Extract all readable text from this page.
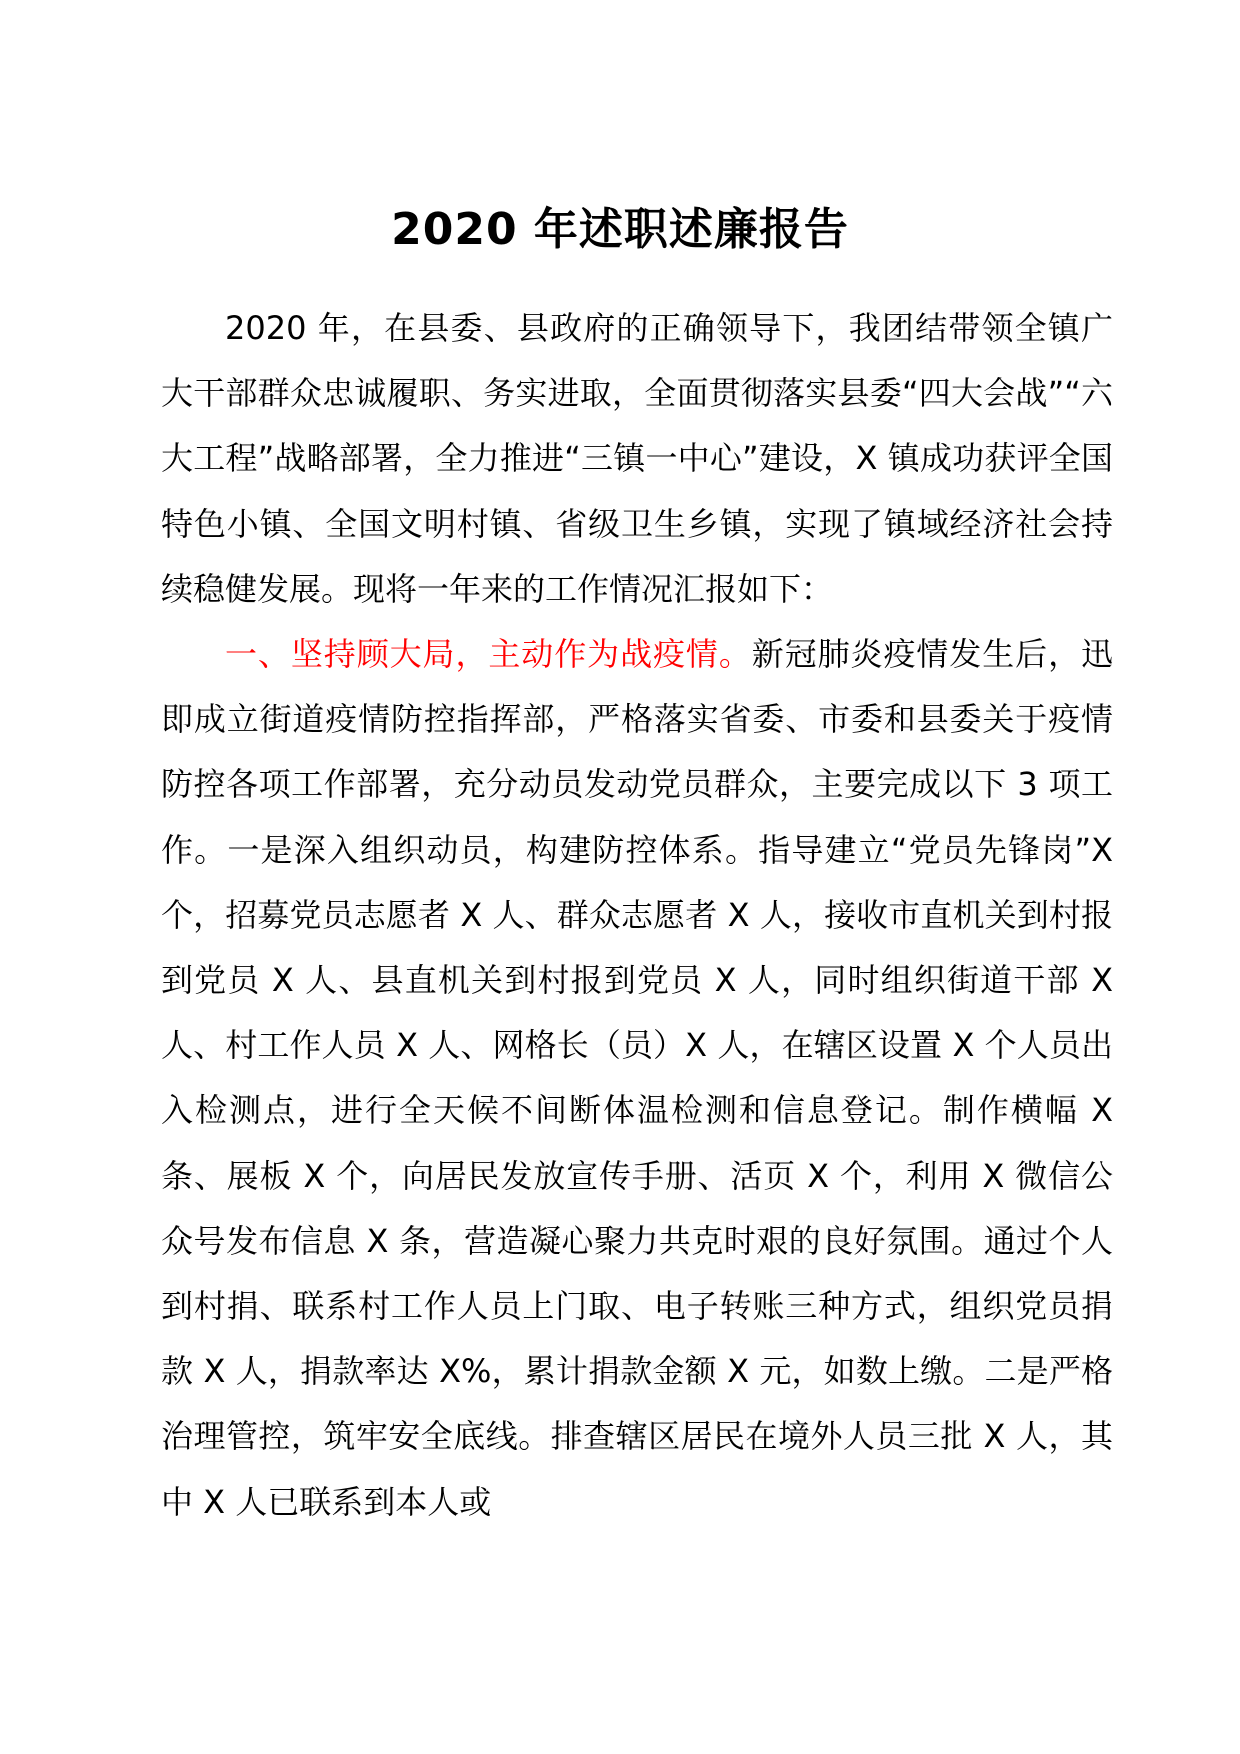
2020 年述职述廉报告

2020 年，在县委、县政府的正确领导下，我团结带领全镇广大干部群众忠诚履职、务实进取，全面贯彻落实县委“四大会战”“六大工程”战略部署，全力推进“三镇一中心”建设，X 镇成功获评全国特色小镇、全国文明村镇、省级卫生乡镇，实现了镇域经济社会持续稳健发展。现将一年来的工作情况汇报如下：

一、坚持顾大局，主动作为战疫情。新冠肺炎疫情发生后，迅即成立街道疫情防控指挥部，严格落实省委、市委和县委关于疫情防控各项工作部署，充分动员发动党员群众，主要完成以下 3 项工作。一是深入组织动员，构建防控体系。指导建立“党员先锋岗”X 个，招募党员志愿者 X 人、群众志愿者 X 人，接收市直机关到村报到党员 X 人、县直机关到村报到党员 X 人，同时组织街道干部 X 人、村工作人员 X 人、网格长（员）X 人，在辖区设置 X 个人员出入检测点，进行全天候不间断体温检测和信息登记。制作横幅 X 条、展板 X 个，向居民发放宣传手册、活页 X 个，利用 X 微信公众号发布信息 X 条，营造凝心聚力共克时艰的良好氛围。通过个人到村捐、联系村工作人员上门取、电子转账三种方式，组织党员捐款 X 人，捐款率达 X%，累计捐款金额 X 元，如数上缴。二是严格治理管控，筑牢安全底线。排查辖区居民在境外人员三批 X 人，其中 X 人已联系到本人或
